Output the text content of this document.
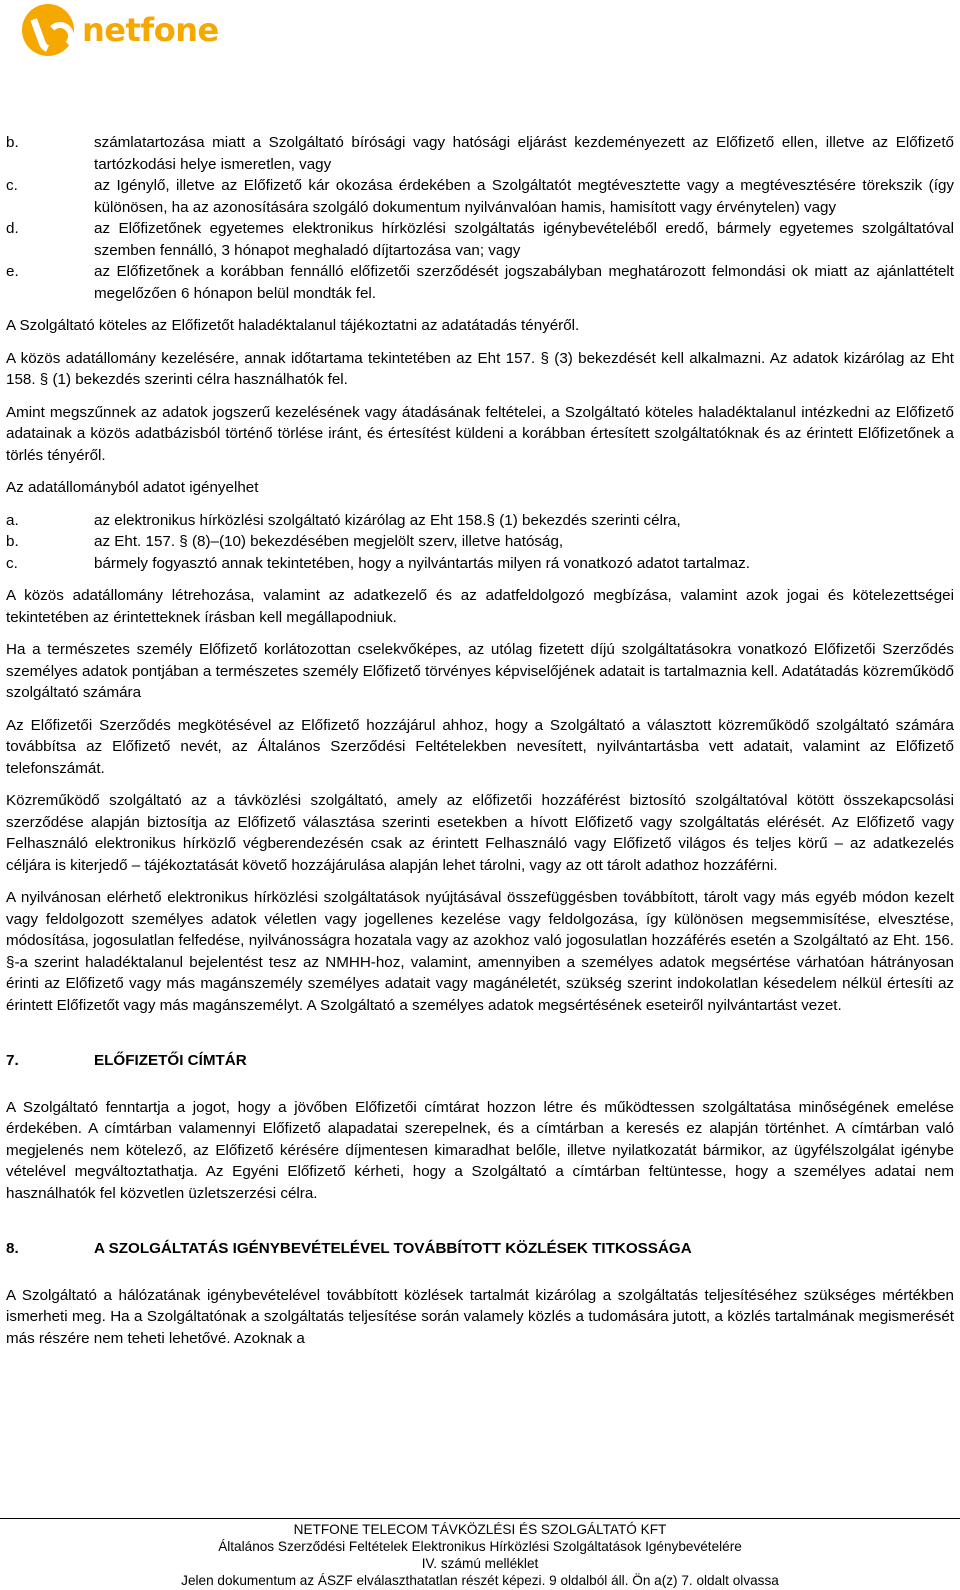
netfone
b.	számlatartozása miatt a Szolgáltató bírósági vagy hatósági eljárást kezdeményezett az Előfizető ellen, illetve az Előfizető tartózkodási helye ismeretlen, vagy
c.	az Igénylő, illetve az Előfizető kár okozása érdekében a Szolgáltatót megtévesztette vagy a megtévesztésére törekszik (így különösen, ha az azonosítására szolgáló dokumentum nyilvánvalóan hamis, hamisított vagy érvénytelen) vagy
d.	az Előfizetőnek egyetemes elektronikus hírközlési szolgáltatás igénybevételéből eredő, bármely egyetemes szolgáltatóval szemben fennálló, 3 hónapot meghaladó díjtartozása van; vagy
e.	az Előfizetőnek a korábban fennálló előfizetői szerződését jogszabályban meghatározott felmondási ok miatt az ajánlattételt megelőzően 6 hónapon belül mondták fel.

A Szolgáltató köteles az Előfizetőt haladéktalanul tájékoztatni az adatátadás tényéről.

A közös adatállomány kezelésére, annak időtartama tekintetében az Eht 157. § (3) bekezdését kell alkalmazni. Az adatok kizárólag az Eht 158. § (1) bekezdés szerinti célra használhatók fel.

Amint megszűnnek az adatok jogszerű kezelésének vagy átadásának feltételei, a Szolgáltató köteles haladéktalanul intézkedni az Előfizető adatainak a közös adatbázisból történő törlése iránt, és értesítést küldeni a korábban értesített szolgáltatóknak és az érintett Előfizetőnek a törlés tényéről.

Az adatállományból adatot igényelhet

a.	az elektronikus hírközlési szolgáltató kizárólag az Eht 158.§ (1) bekezdés szerinti célra,
b.	az Eht. 157. § (8)–(10) bekezdésében megjelölt szerv, illetve hatóság,
c.	bármely fogyasztó annak tekintetében, hogy a nyilvántartás milyen rá vonatkozó adatot tartalmaz.

A közös adatállomány létrehozása, valamint az adatkezelő és az adatfeldolgozó megbízása, valamint azok jogai és kötelezettségei tekintetében az érintetteknek írásban kell megállapodniuk.

Ha a természetes személy Előfizető korlátozottan cselekvőképes, az utólag fizetett díjú szolgáltatásokra vonatkozó Előfizetői Szerződés személyes adatok pontjában a természetes személy Előfizető törvényes képviselőjének adatait is tartalmaznia kell. Adatátadás közreműködő szolgáltató számára

Az Előfizetői Szerződés megkötésével az Előfizető hozzájárul ahhoz, hogy a Szolgáltató a választott közreműködő szolgáltató számára továbbítsa az Előfizető nevét, az Általános Szerződési Feltételekben nevesített, nyilvántartásba vett adatait, valamint az Előfizető telefonszámát.

Közreműködő szolgáltató az a távközlési szolgáltató, amely az előfizetői hozzáférést biztosító szolgáltatóval kötött összekapcsolási szerződése alapján biztosítja az Előfizető választása szerinti esetekben a hívott Előfizető vagy szolgáltatás elérését. Az Előfizető vagy Felhasználó elektronikus hírközlő végberendezésén csak az érintett Felhasználó vagy Előfizető világos és teljes körű – az adatkezelés céljára is kiterjedő – tájékoztatását követő hozzájárulása alapján lehet tárolni, vagy az ott tárolt adathoz hozzáférni.

A nyilvánosan elérhető elektronikus hírközlési szolgáltatások nyújtásával összefüggésben továbbított, tárolt vagy más egyéb módon kezelt vagy feldolgozott személyes adatok véletlen vagy jogellenes kezelése vagy feldolgozása, így különösen megsemmisítése, elvesztése, módosítása, jogosulatlan felfedése, nyilvánosságra hozatala vagy az azokhoz való jogosulatlan hozzáférés esetén a Szolgáltató az Eht. 156. §-a szerint haladéktalanul bejelentést tesz az NMHH-hoz, valamint, amennyiben a személyes adatok megsértése várhatóan hátrányosan érinti az Előfizető vagy más magánszemély személyes adatait vagy magánéletét, szükség szerint indokolatlan késedelem nélkül értesíti az érintett Előfizetőt vagy más magánszemélyt. A Szolgáltató a személyes adatok megsértésének eseteiről nyilvántartást vezet.

7.	ELŐFIZETŐI CÍMTÁR

A Szolgáltató fenntartja a jogot, hogy a jövőben Előfizetői címtárat hozzon létre és működtessen szolgáltatása minőségének emelése érdekében. A címtárban valamennyi Előfizető alapadatai szerepelnek, és a címtárban a keresés ez alapján történhet. A címtárban való megjelenés nem kötelező, az Előfizető kérésére díjmentesen kimaradhat belőle, illetve nyilatkozatát bármikor, az ügyfélszolgálat igénybe vételével megváltoztathatja. Az Egyéni Előfizető kérheti, hogy a Szolgáltató a címtárban feltüntesse, hogy a személyes adatai nem használhatók fel közvetlen üzletszerzési célra.

8.	A SZOLGÁLTATÁS IGÉNYBEVÉTELÉVEL TOVÁBBÍTOTT KÖZLÉSEK TITKOSSÁGA

A Szolgáltató a hálózatának igénybevételével továbbított közlések tartalmát kizárólag a szolgáltatás teljesítéséhez szükséges mértékben ismerheti meg. Ha a Szolgáltatónak a szolgáltatás teljesítése során valamely közlés a tudomására jutott, a közlés tartalmának megismerését más részére nem teheti lehetővé. Azoknak a

NETFONE TELECOM TÁVKÖZLÉSI ÉS SZOLGÁLTATÓ KFT
Általános Szerződési Feltételek Elektronikus Hírközlési Szolgáltatások Igénybevételére
IV. számú melléklet
Jelen dokumentum az ÁSZF elválaszthatatlan részét képezi. 9 oldalból áll. Ön a(z) 7. oldalt olvassa
